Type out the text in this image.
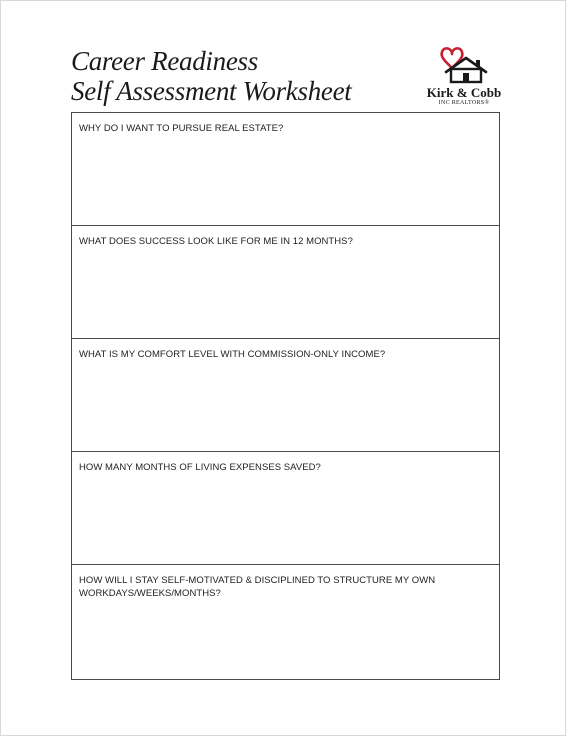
Career Readiness
Self Assessment Worksheet	Kirk & Cobb
INC REALTORS®
WHY DO I WANT TO PURSUE REAL ESTATE?
WHAT DOES SUCCESS LOOK LIKE FOR ME IN 12 MONTHS?
WHAT IS MY COMFORT LEVEL WITH COMMISSION-ONLY INCOME?
HOW MANY MONTHS OF LIVING EXPENSES SAVED?
HOW WILL I STAY SELF-MOTIVATED & DISCIPLINED TO STRUCTURE MY OWN WORKDAYS/WEEKS/MONTHS?
